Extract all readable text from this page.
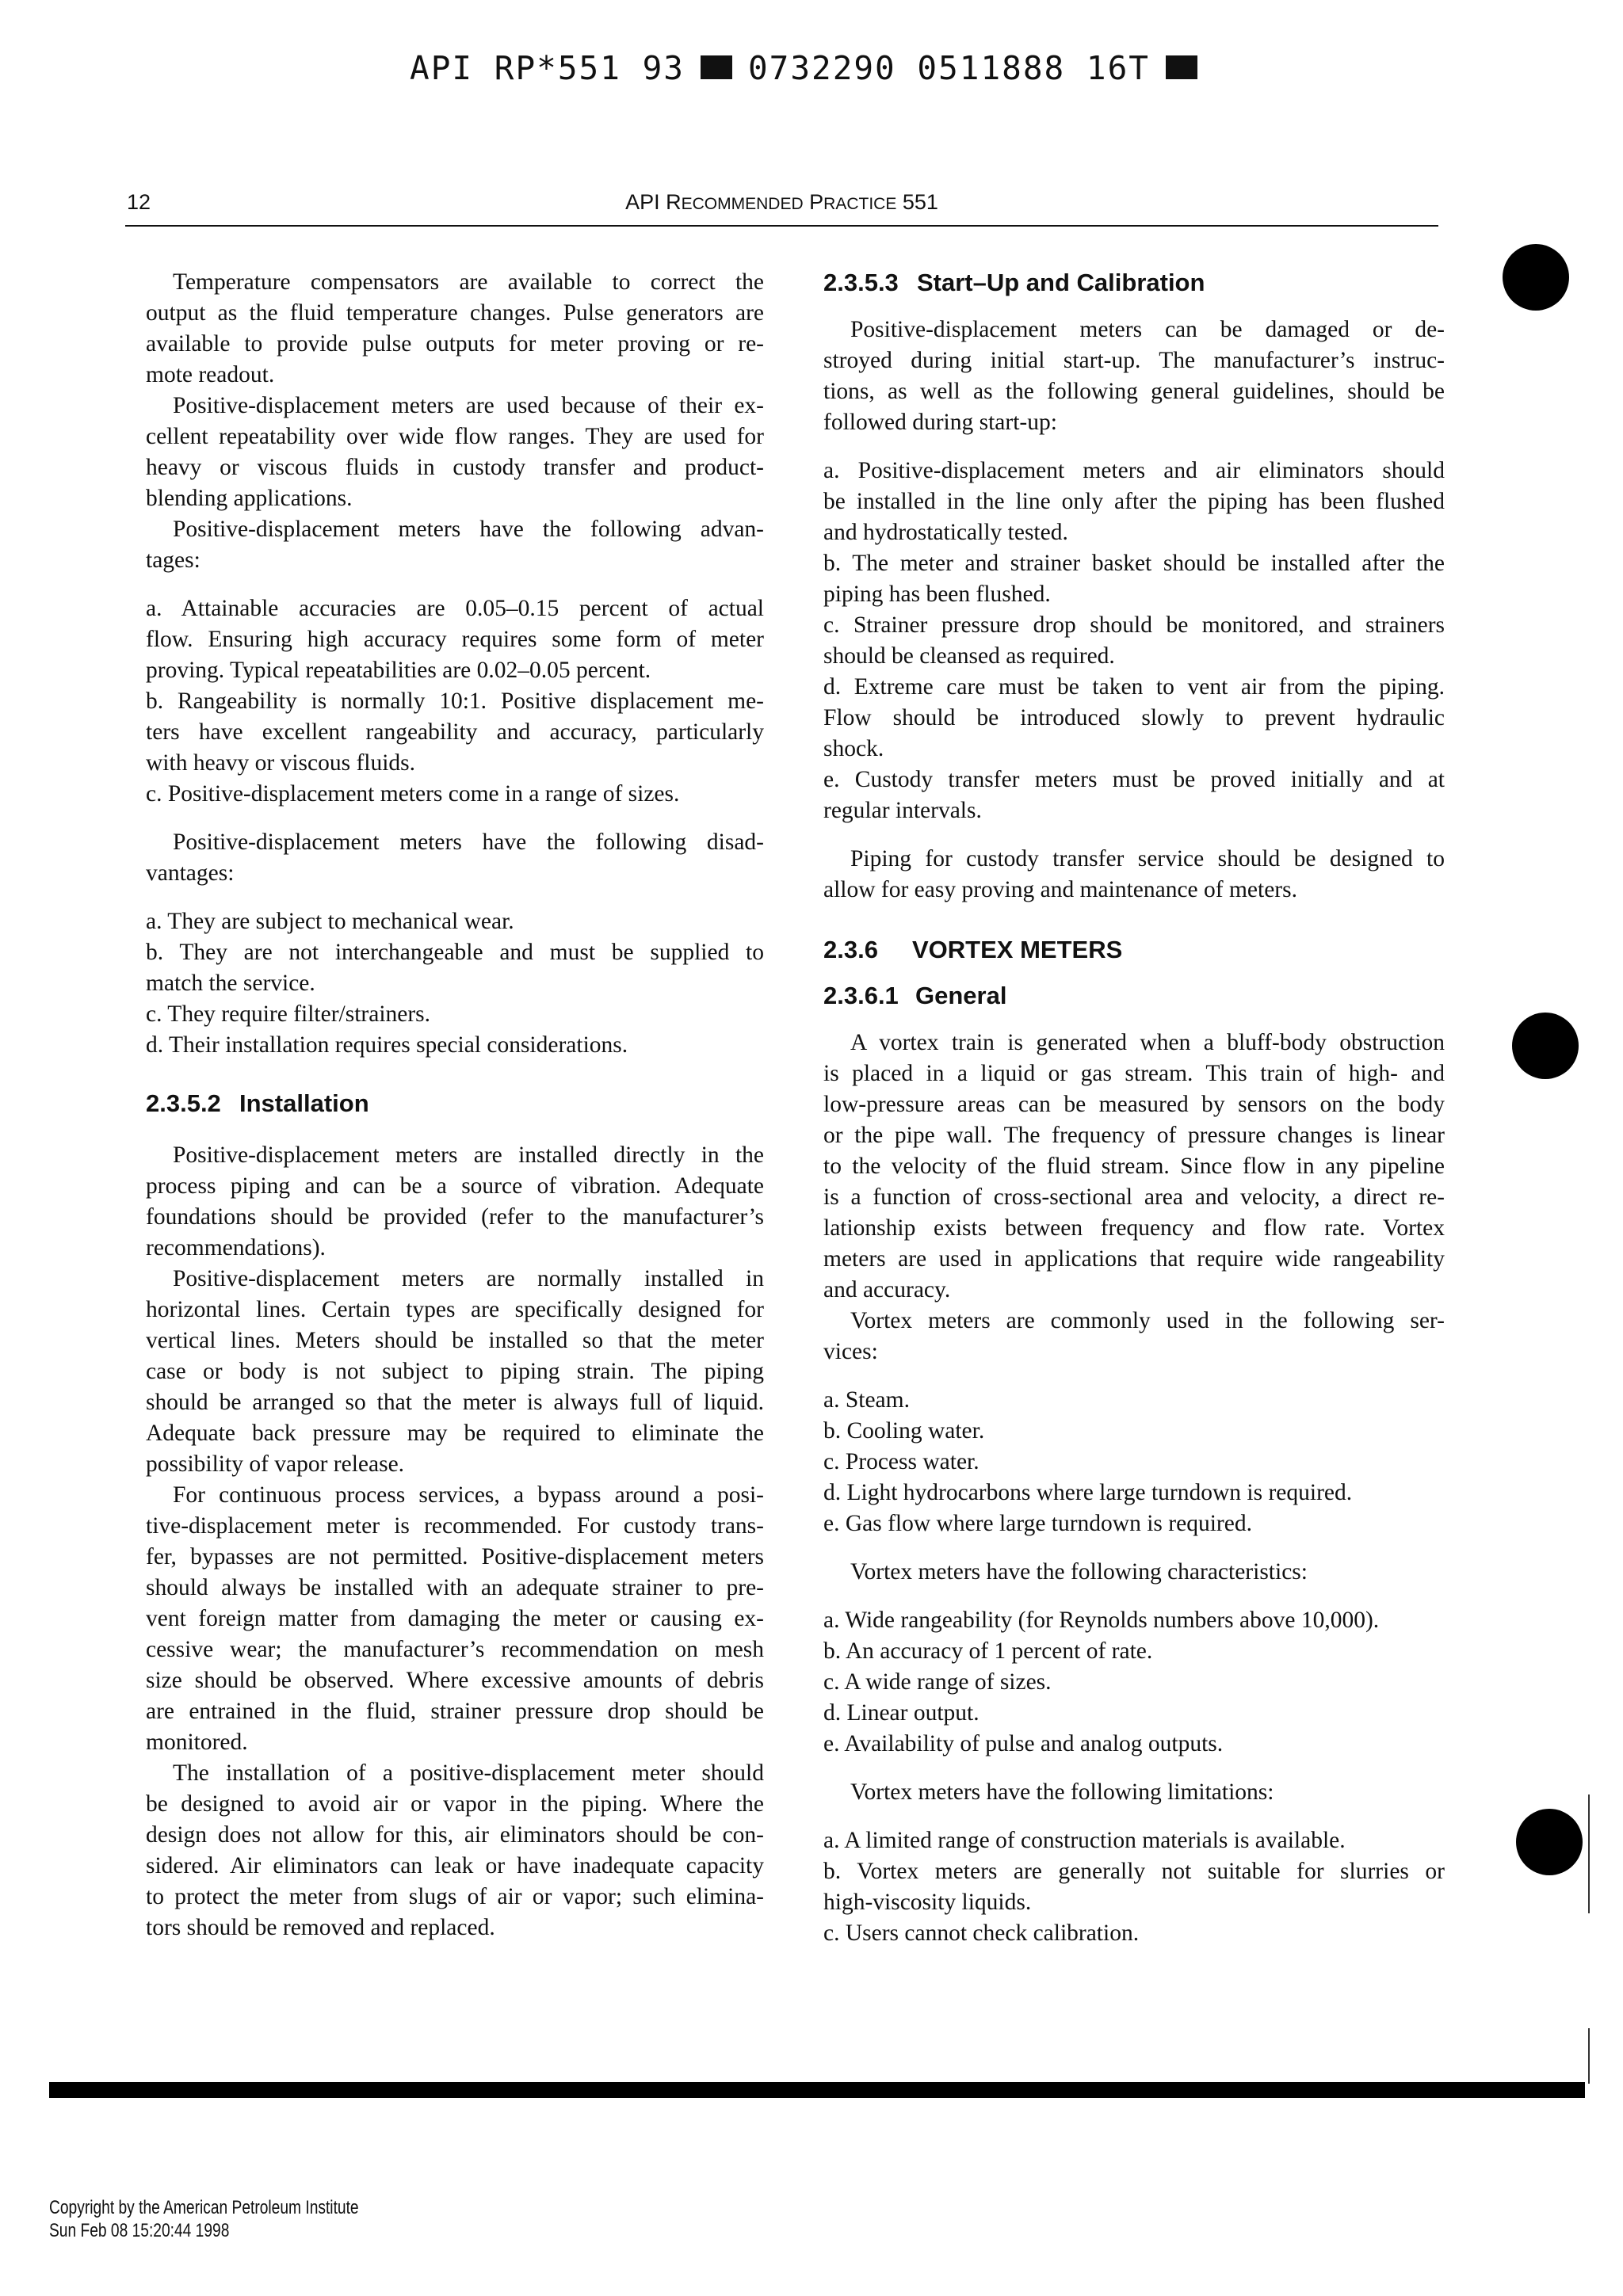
API RP*551 93 0732290 0511888 16T
12	API RECOMMENDED PRACTICE 551

Temperature compensators are available to correct the

output as the fluid temperature changes. Pulse generators are

available to provide pulse outputs for meter proving or re-

mote readout.

Positive-displacement meters are used because of their ex-

cellent repeatability over wide flow ranges. They are used for

heavy or viscous fluids in custody transfer and product-

blending applications.

Positive-displacement meters have the following advan-

tages:

a. Attainable accuracies are 0.05–0.15 percent of actual

flow. Ensuring high accuracy requires some form of meter

proving. Typical repeatabilities are 0.02–0.05 percent.

b. Rangeability is normally 10:1. Positive displacement me-

ters have excellent rangeability and accuracy, particularly

with heavy or viscous fluids.

c. Positive-displacement meters come in a range of sizes.

Positive-displacement meters have the following disad-

vantages:

a. They are subject to mechanical wear.

b. They are not interchangeable and must be supplied to

match the service.

c. They require filter/strainers.

d. Their installation requires special considerations.

2.3.5.2 Installation

Positive-displacement meters are installed directly in the

process piping and can be a source of vibration. Adequate

foundations should be provided (refer to the manufacturer’s

recommendations).

Positive-displacement meters are normally installed in

horizontal lines. Certain types are specifically designed for

vertical lines. Meters should be installed so that the meter

case or body is not subject to piping strain. The piping

should be arranged so that the meter is always full of liquid.

Adequate back pressure may be required to eliminate the

possibility of vapor release.

For continuous process services, a bypass around a posi-

tive-displacement meter is recommended. For custody trans-

fer, bypasses are not permitted. Positive-displacement meters

should always be installed with an adequate strainer to pre-

vent foreign matter from damaging the meter or causing ex-

cessive wear; the manufacturer’s recommendation on mesh

size should be observed. Where excessive amounts of debris

are entrained in the fluid, strainer pressure drop should be

monitored.

The installation of a positive-displacement meter should

be designed to avoid air or vapor in the piping. Where the

design does not allow for this, air eliminators should be con-

sidered. Air eliminators can leak or have inadequate capacity

to protect the meter from slugs of air or vapor; such elimina-

tors should be removed and replaced.

2.3.5.3 Start–Up and Calibration

Positive-displacement meters can be damaged or de-

stroyed during initial start-up. The manufacturer’s instruc-

tions, as well as the following general guidelines, should be

followed during start-up:

a. Positive-displacement meters and air eliminators should

be installed in the line only after the piping has been flushed

and hydrostatically tested.

b. The meter and strainer basket should be installed after the

piping has been flushed.

c. Strainer pressure drop should be monitored, and strainers

should be cleansed as required.

d. Extreme care must be taken to vent air from the piping.

Flow should be introduced slowly to prevent hydraulic

shock.

e. Custody transfer meters must be proved initially and at

regular intervals.

Piping for custody transfer service should be designed to

allow for easy proving and maintenance of meters.

2.3.6 VORTEX METERS

2.3.6.1 General

A vortex train is generated when a bluff-body obstruction

is placed in a liquid or gas stream. This train of high- and

low-pressure areas can be measured by sensors on the body

or the pipe wall. The frequency of pressure changes is linear

to the velocity of the fluid stream. Since flow in any pipeline

is a function of cross-sectional area and velocity, a direct re-

lationship exists between frequency and flow rate. Vortex

meters are used in applications that require wide rangeability

and accuracy.

Vortex meters are commonly used in the following ser-

vices:

a. Steam.

b. Cooling water.

c. Process water.

d. Light hydrocarbons where large turndown is required.

e. Gas flow where large turndown is required.

Vortex meters have the following characteristics:

a. Wide rangeability (for Reynolds numbers above 10,000).

b. An accuracy of 1 percent of rate.

c. A wide range of sizes.

d. Linear output.

e. Availability of pulse and analog outputs.

Vortex meters have the following limitations:

a. A limited range of construction materials is available.

b. Vortex meters are generally not suitable for slurries or

high-viscosity liquids.

c. Users cannot check calibration.

Copyright by the American Petroleum Institute
Sun Feb 08 15:20:44 1998
